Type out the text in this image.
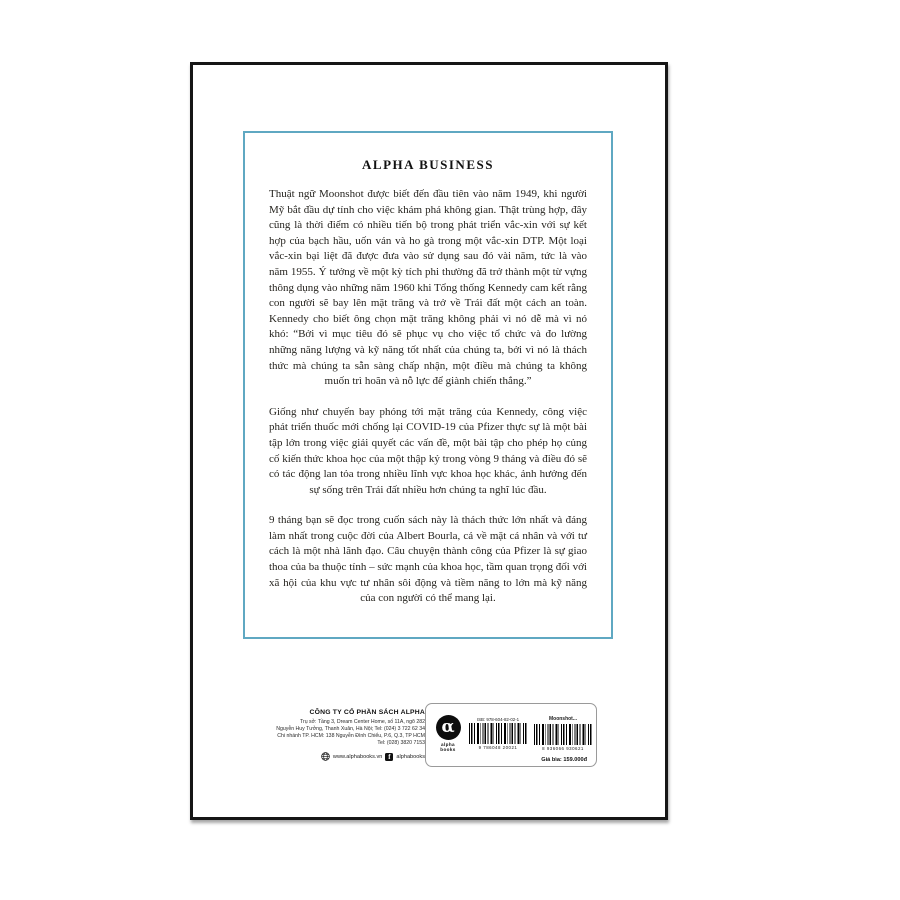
ALPHA BUSINESS

Thuật ngữ Moonshot được biết đến đầu tiên vào năm 1949, khi người Mỹ bắt đầu dự tính cho việc khám phá không gian. Thật trùng hợp, đây cũng là thời điểm có nhiều tiến bộ trong phát triển vắc-xin với sự kết hợp của bạch hầu, uốn ván và ho gà trong một vắc-xin DTP. Một loại vắc-xin bại liệt đã được đưa vào sử dụng sau đó vài năm, tức là vào năm 1955. Ý tưởng về một kỳ tích phi thường đã trở thành một từ vựng thông dụng vào những năm 1960 khi Tổng thống Kennedy cam kết rằng con người sẽ bay lên mặt trăng và trở về Trái đất một cách an toàn. Kennedy cho biết ông chọn mặt trăng không phải vì nó dễ mà vì nó khó: “Bởi vì mục tiêu đó sẽ phục vụ cho việc tổ chức và đo lường những năng lượng và kỹ năng tốt nhất của chúng ta, bởi vì nó là thách thức mà chúng ta sẵn sàng chấp nhận, một điều mà chúng ta không muốn trì hoãn và nỗ lực để giành chiến thắng.”

Giống như chuyến bay phóng tới mặt trăng của Kennedy, công việc phát triển thuốc mới chống lại COVID-19 của Pfizer thực sự là một bài tập lớn trong việc giải quyết các vấn đề, một bài tập cho phép họ củng cố kiến thức khoa học của một thập kỷ trong vòng 9 tháng và điều đó sẽ có tác động lan tỏa trong nhiều lĩnh vực khoa học khác, ảnh hưởng đến sự sống trên Trái đất nhiều hơn chúng ta nghĩ lúc đầu.

9 tháng bạn sẽ đọc trong cuốn sách này là thách thức lớn nhất và đáng làm nhất trong cuộc đời của Albert Bourla, cả về mặt cá nhân và với tư cách là một nhà lãnh đạo. Câu chuyện thành công của Pfizer là sự giao thoa của ba thuộc tính – sức mạnh của khoa học, tầm quan trọng đối với xã hội của khu vực tư nhân sôi động và tiềm năng to lớn mà kỹ năng của con người có thể mang lại.

CÔNG TY CỔ PHẦN SÁCH ALPHA
Trụ sở: Tầng 3, Dream Center Home, số 11A, ngõ 282
Nguyễn Huy Tưởng, Thanh Xuân, Hà Nội; Tel: (024) 3 722 62 34
Chi nhánh TP. HCM: 138 Nguyễn Đình Chiểu, P.6, Q.3, TP HCM
Tel: (028) 3820 7153
www.alphabooks.vn f	alphabooks
α
alpha
books
ISB: 978-604-82-02-1
9 786048 20021
Moonshot...
8 936066 930621
Giá bìa: 159.000đ
